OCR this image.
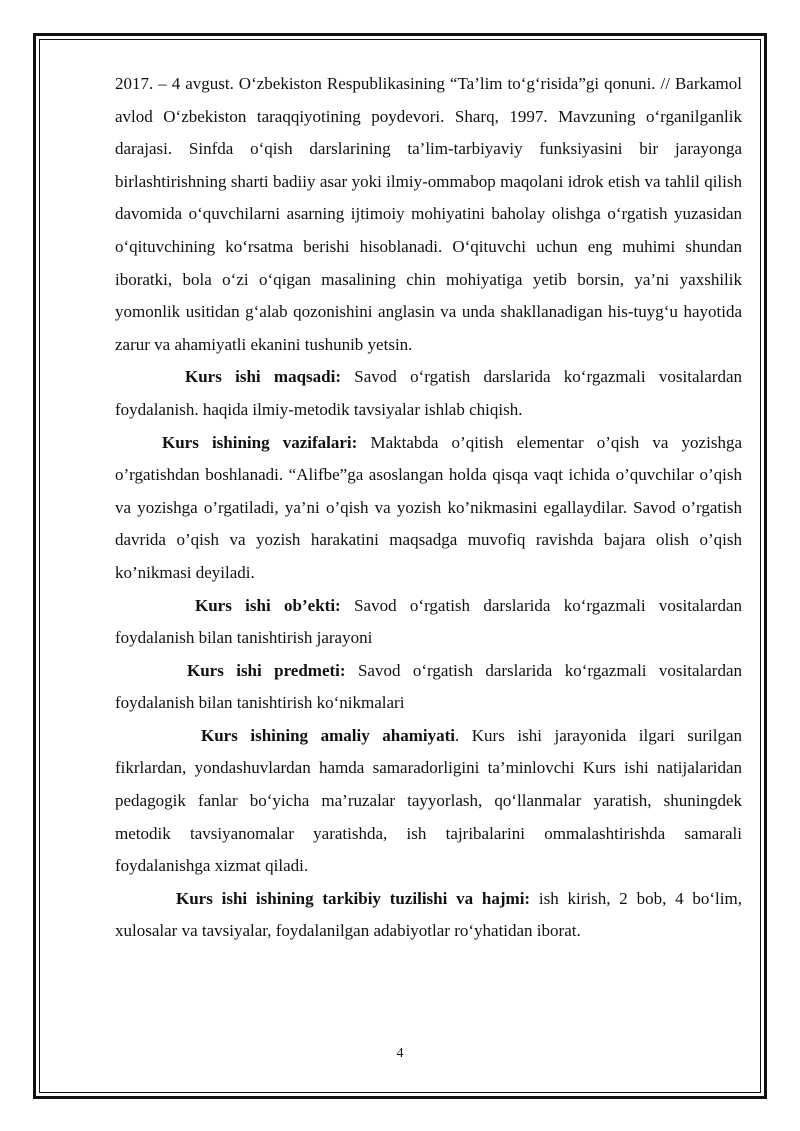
2017. – 4 avgust. O‘zbekiston Respublikasining “Ta’lim to‘g‘risida”gi qonuni. // Barkamol avlod O‘zbekiston taraqqiyotining poydevori. Sharq, 1997. Mavzuning o‘rganilganlik darajasi. Sinfda o‘qish darslarining ta’lim-tarbiyaviy funksiyasini bir jarayonga birlashtirishning sharti badiiy asar yoki ilmiy-ommabop maqolani idrok etish va tahlil qilish davomida o‘quvchilarni asarning ijtimoiy mohiyatini baholay olishga o‘rgatish yuzasidan o‘qituvchining ko‘rsatma berishi hisoblanadi. O‘qituvchi uchun eng muhimi shundan iboratki, bola o‘zi o‘qigan masalining chin mohiyatiga yetib borsin, ya’ni yaxshilik yomonlik usitidan g‘alab qozonishini anglasin va unda shakllanadigan his-tuyg‘u hayotida zarur va ahamiyatli ekanini tushunib yetsin.

Kurs ishi maqsadi: Savod o‘rgatish darslarida ko‘rgazmali vositalardan foydalanish. haqida ilmiy-metodik tavsiyalar ishlab chiqish.

Kurs ishining vazifalari: Maktabda o’qitish elementar o’qish va yozishga o’rgatishdan boshlanadi. “Alifbe”ga asoslangan holda qisqa vaqt ichida o’quvchilar o’qish va yozishga o’rgatiladi, ya’ni o’qish va yozish ko’nikmasini egallaydilar. Savod o’rgatish davrida o’qish va yozish harakatini maqsadga muvofiq ravishda bajara olish o’qish ko’nikmasi deyiladi.

Kurs ishi ob’ekti: Savod o‘rgatish darslarida ko‘rgazmali vositalardan foydalanish bilan tanishtirish jarayoni

Kurs ishi predmeti: Savod o‘rgatish darslarida ko‘rgazmali vositalardan foydalanish bilan tanishtirish ko‘nikmalari

Kurs ishining amaliy ahamiyati. Kurs ishi jarayonida ilgari surilgan fikrlardan, yondashuvlardan hamda samaradorligini ta’minlovchi Kurs ishi natijalaridan pedagogik fanlar bo‘yicha ma’ruzalar tayyorlash, qo‘llanmalar yaratish, shuningdek metodik tavsiyanomalar yaratishda, ish tajribalarini ommalashtirishda samarali foydalanishga xizmat qiladi.

Kurs ishi ishining tarkibiy tuzilishi va hajmi: ish kirish, 2 bob, 4 bo‘lim, xulosalar va tavsiyalar, foydalanilgan adabiyotlar ro‘yhatidan iborat.

4
